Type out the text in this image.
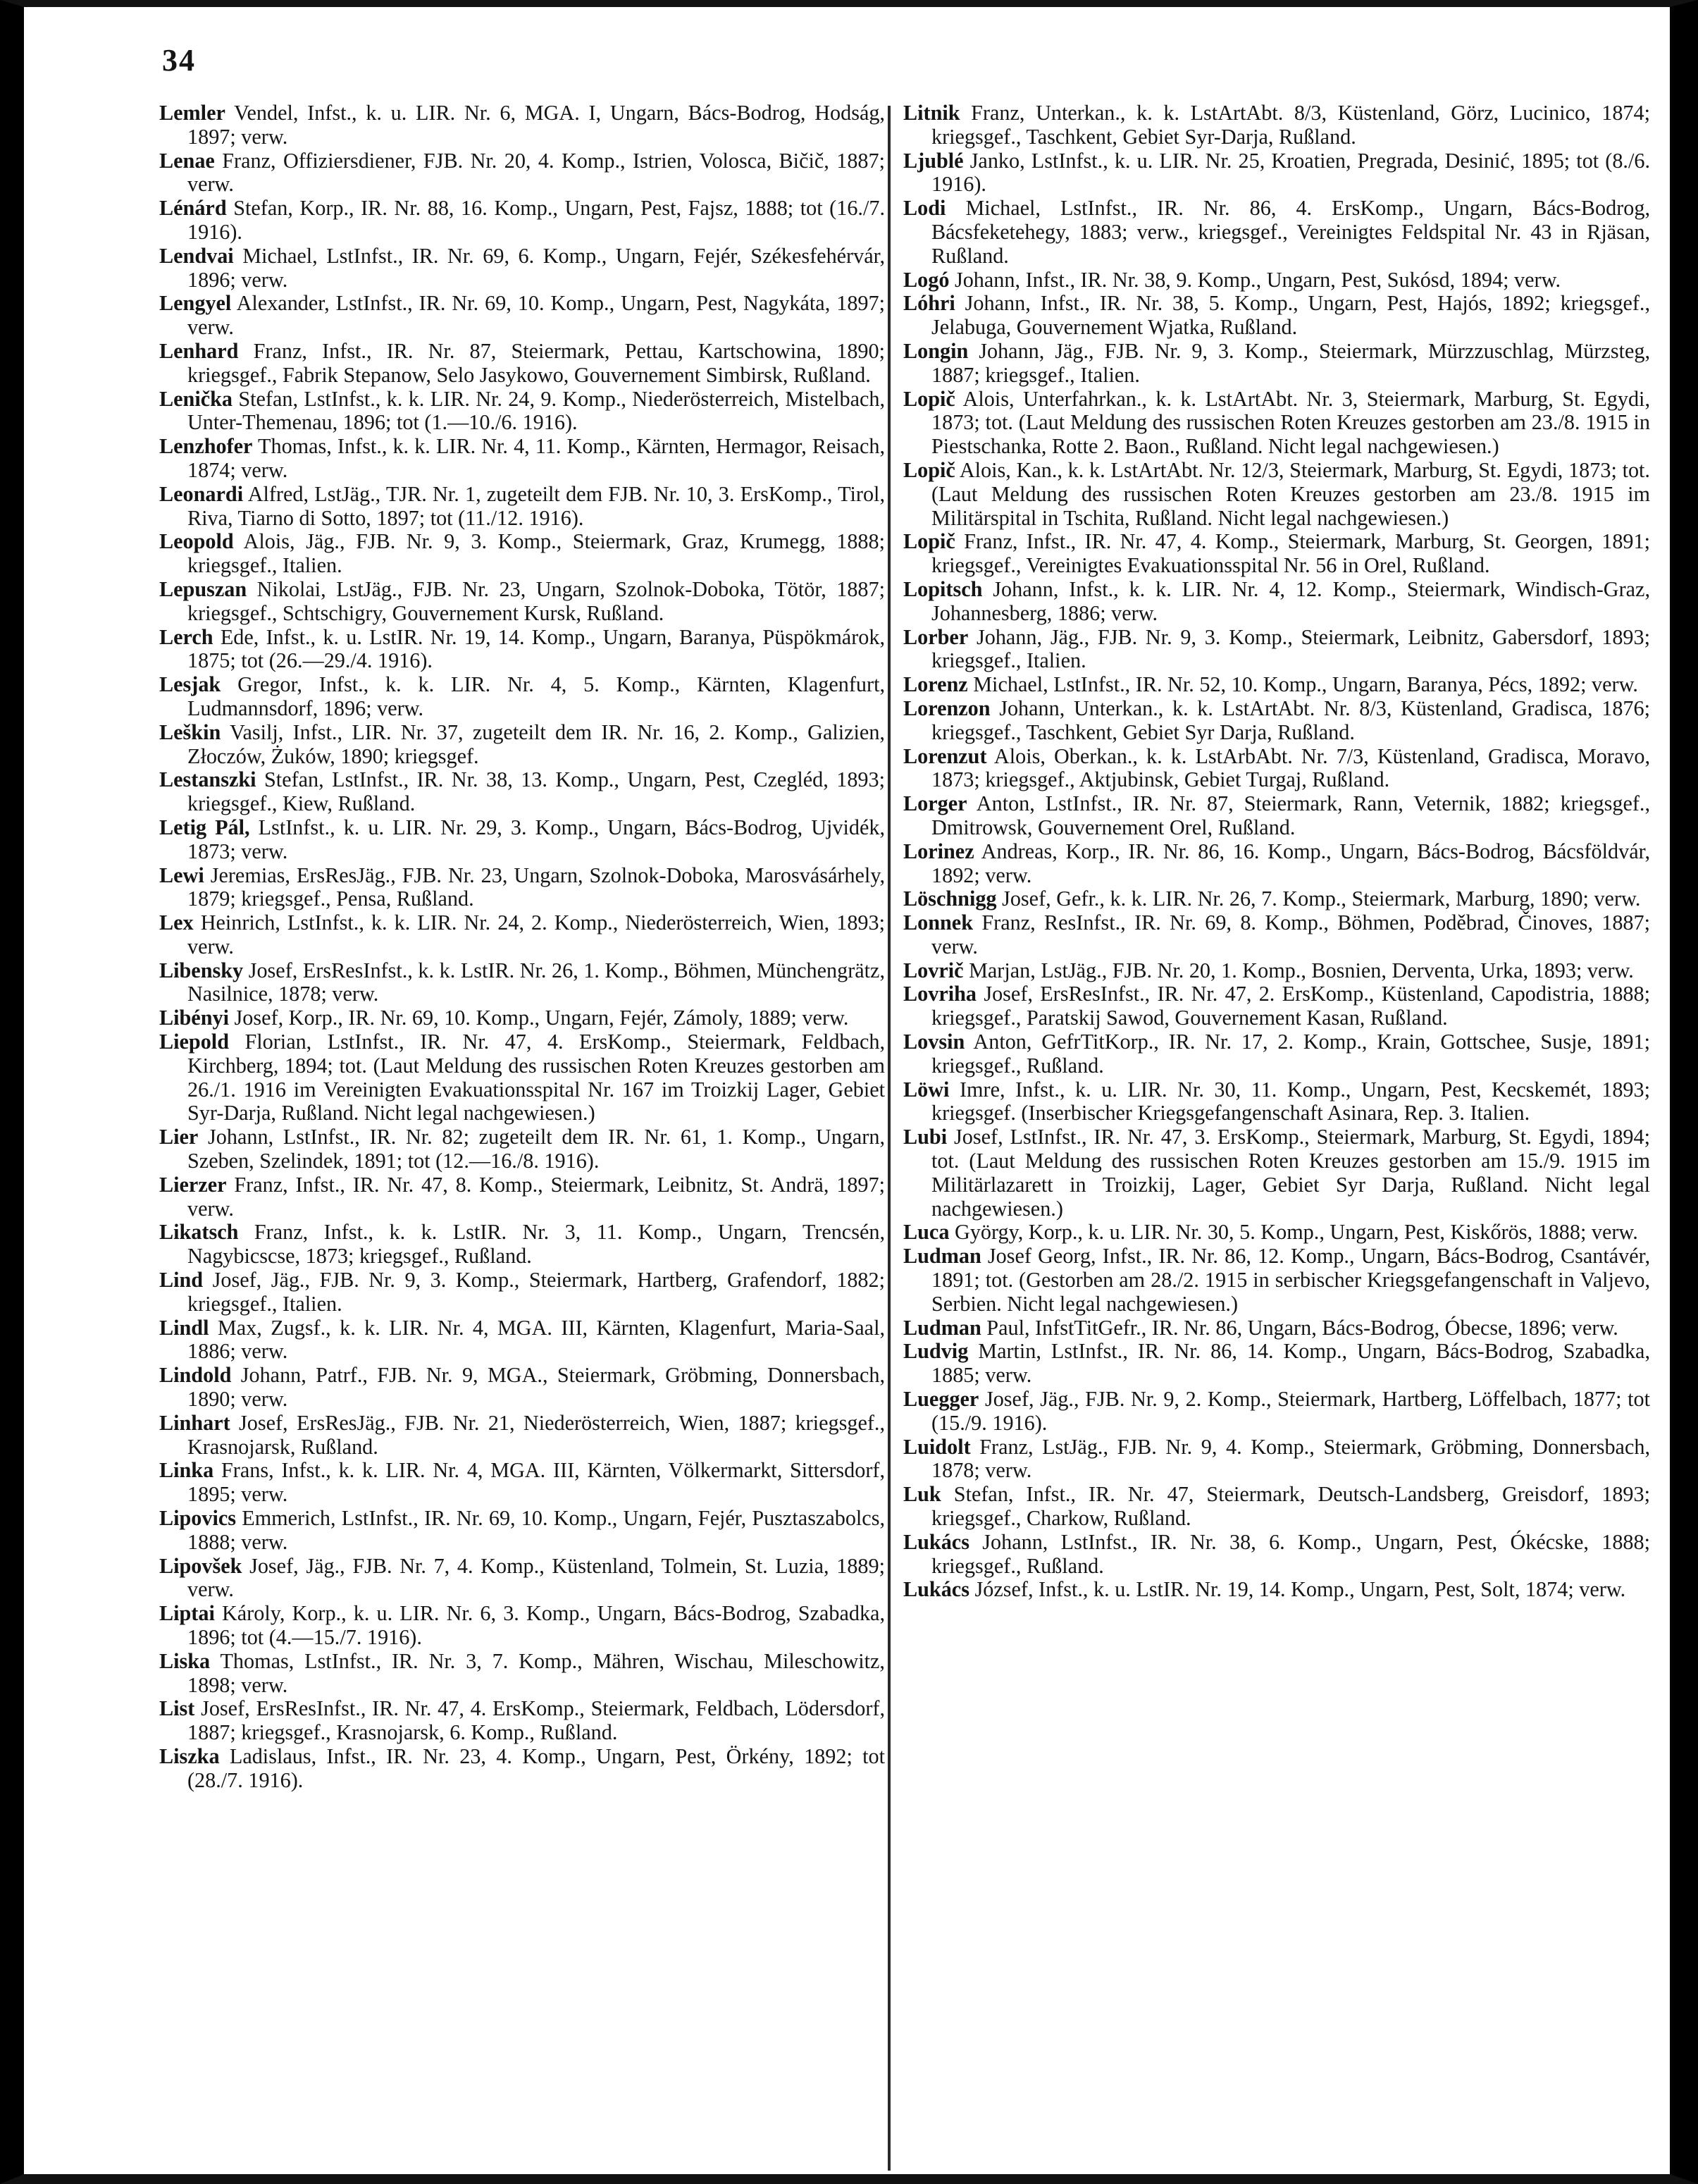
34

Lemler Vendel, Infst., k. u. LIR. Nr. 6, MGA. I, Ungarn, Bács-Bodrog, Hodság, 1897; verw.

Lenae Franz, Offiziersdiener, FJB. Nr. 20, 4. Komp., Istrien, Volosca, Bičič, 1887; verw.

Lénárd Stefan, Korp., IR. Nr. 88, 16. Komp., Ungarn, Pest, Fajsz, 1888; tot (16./7. 1916).

Lendvai Michael, LstInfst., IR. Nr. 69, 6. Komp., Ungarn, Fejér, Székesfehérvár, 1896; verw.

Lengyel Alexander, LstInfst., IR. Nr. 69, 10. Komp., Ungarn, Pest, Nagykáta, 1897; verw.

Lenhard Franz, Infst., IR. Nr. 87, Steiermark, Pettau, Kartschowina, 1890; kriegsgef., Fabrik Stepanow, Selo Jasykowo, Gouvernement Simbirsk, Rußland.

Lenička Stefan, LstInfst., k. k. LIR. Nr. 24, 9. Komp., Niederösterreich, Mistelbach, Unter-Themenau, 1896; tot (1.—10./6. 1916).

Lenzhofer Thomas, Infst., k. k. LIR. Nr. 4, 11. Komp., Kärnten, Hermagor, Reisach, 1874; verw.

Leonardi Alfred, LstJäg., TJR. Nr. 1, zugeteilt dem FJB. Nr. 10, 3. ErsKomp., Tirol, Riva, Tiarno di Sotto, 1897; tot (11./12. 1916).

Leopold Alois, Jäg., FJB. Nr. 9, 3. Komp., Steiermark, Graz, Krumegg, 1888; kriegsgef., Italien.

Lepuszan Nikolai, LstJäg., FJB. Nr. 23, Ungarn, Szolnok-Doboka, Tötör, 1887; kriegsgef., Schtschigry, Gouvernement Kursk, Rußland.

Lerch Ede, Infst., k. u. LstIR. Nr. 19, 14. Komp., Ungarn, Baranya, Püspökmárok, 1875; tot (26.—29./4. 1916).

Lesjak Gregor, Infst., k. k. LIR. Nr. 4, 5. Komp., Kärnten, Klagenfurt, Ludmannsdorf, 1896; verw.

Leškin Vasilj, Infst., LIR. Nr. 37, zugeteilt dem IR. Nr. 16, 2. Komp., Galizien, Złoczów, Żuków, 1890; kriegsgef.

Lestanszki Stefan, LstInfst., IR. Nr. 38, 13. Komp., Ungarn, Pest, Czegléd, 1893; kriegsgef., Kiew, Rußland.

Letig Pál, LstInfst., k. u. LIR. Nr. 29, 3. Komp., Ungarn, Bács-Bodrog, Ujvidék, 1873; verw.

Lewi Jeremias, ErsResJäg., FJB. Nr. 23, Ungarn, Szolnok-Doboka, Marosvásárhely, 1879; kriegsgef., Pensa, Rußland.

Lex Heinrich, LstInfst., k. k. LIR. Nr. 24, 2. Komp., Niederösterreich, Wien, 1893; verw.

Libensky Josef, ErsResInfst., k. k. LstIR. Nr. 26, 1. Komp., Böhmen, Münchengrätz, Nasilnice, 1878; verw.

Libényi Josef, Korp., IR. Nr. 69, 10. Komp., Ungarn, Fejér, Zámoly, 1889; verw.

Liepold Florian, LstInfst., IR. Nr. 47, 4. ErsKomp., Steiermark, Feldbach, Kirchberg, 1894; tot. (Laut Meldung des russischen Roten Kreuzes gestorben am 26./1. 1916 im Vereinigten Evakuationsspital Nr. 167 im Troizkij Lager, Gebiet Syr-Darja, Rußland. Nicht legal nachgewiesen.)

Lier Johann, LstInfst., IR. Nr. 82; zugeteilt dem IR. Nr. 61, 1. Komp., Ungarn, Szeben, Szelindek, 1891; tot (12.—16./8. 1916).

Lierzer Franz, Infst., IR. Nr. 47, 8. Komp., Steiermark, Leibnitz, St. Andrä, 1897; verw.

Likatsch Franz, Infst., k. k. LstIR. Nr. 3, 11. Komp., Ungarn, Trencsén, Nagybicscse, 1873; kriegsgef., Rußland.

Lind Josef, Jäg., FJB. Nr. 9, 3. Komp., Steiermark, Hartberg, Grafendorf, 1882; kriegsgef., Italien.

Lindl Max, Zugsf., k. k. LIR. Nr. 4, MGA. III, Kärnten, Klagenfurt, Maria-Saal, 1886; verw.

Lindold Johann, Patrf., FJB. Nr. 9, MGA., Steiermark, Gröbming, Donnersbach, 1890; verw.

Linhart Josef, ErsResJäg., FJB. Nr. 21, Niederösterreich, Wien, 1887; kriegsgef., Krasnojarsk, Rußland.

Linka Frans, Infst., k. k. LIR. Nr. 4, MGA. III, Kärnten, Völkermarkt, Sittersdorf, 1895; verw.

Lipovics Emmerich, LstInfst., IR. Nr. 69, 10. Komp., Ungarn, Fejér, Pusztaszabolcs, 1888; verw.

Lipovšek Josef, Jäg., FJB. Nr. 7, 4. Komp., Küstenland, Tolmein, St. Luzia, 1889; verw.

Liptai Károly, Korp., k. u. LIR. Nr. 6, 3. Komp., Ungarn, Bács-Bodrog, Szabadka, 1896; tot (4.—15./7. 1916).

Liska Thomas, LstInfst., IR. Nr. 3, 7. Komp., Mähren, Wischau, Mileschowitz, 1898; verw.

List Josef, ErsResInfst., IR. Nr. 47, 4. ErsKomp., Steiermark, Feldbach, Lödersdorf, 1887; kriegsgef., Krasnojarsk, 6. Komp., Rußland.

Liszka Ladislaus, Infst., IR. Nr. 23, 4. Komp., Ungarn, Pest, Örkény, 1892; tot (28./7. 1916).

Litnik Franz, Unterkan., k. k. LstArtAbt. 8/3, Küstenland, Görz, Lucinico, 1874; kriegsgef., Taschkent, Gebiet Syr-Darja, Rußland.

Ljublé Janko, LstInfst., k. u. LIR. Nr. 25, Kroatien, Pregrada, Desinić, 1895; tot (8./6. 1916).

Lodi Michael, LstInfst., IR. Nr. 86, 4. ErsKomp., Ungarn, Bács-Bodrog, Bácsfeketehegy, 1883; verw., kriegsgef., Vereinigtes Feldspital Nr. 43 in Rjäsan, Rußland.

Logó Johann, Infst., IR. Nr. 38, 9. Komp., Ungarn, Pest, Sukósd, 1894; verw.

Lóhri Johann, Infst., IR. Nr. 38, 5. Komp., Ungarn, Pest, Hajós, 1892; kriegsgef., Jelabuga, Gouvernement Wjatka, Rußland.

Longin Johann, Jäg., FJB. Nr. 9, 3. Komp., Steiermark, Mürzzuschlag, Mürzsteg, 1887; kriegsgef., Italien.

Lopič Alois, Unterfahrkan., k. k. LstArtAbt. Nr. 3, Steiermark, Marburg, St. Egydi, 1873; tot. (Laut Meldung des russischen Roten Kreuzes gestorben am 23./8. 1915 in Piestschanka, Rotte 2. Baon., Rußland. Nicht legal nachgewiesen.)

Lopič Alois, Kan., k. k. LstArtAbt. Nr. 12/3, Steiermark, Marburg, St. Egydi, 1873; tot. (Laut Meldung des russischen Roten Kreuzes gestorben am 23./8. 1915 im Militärspital in Tschita, Rußland. Nicht legal nachgewiesen.)

Lopič Franz, Infst., IR. Nr. 47, 4. Komp., Steiermark, Marburg, St. Georgen, 1891; kriegsgef., Vereinigtes Evakuationsspital Nr. 56 in Orel, Rußland.

Lopitsch Johann, Infst., k. k. LIR. Nr. 4, 12. Komp., Steiermark, Windisch-Graz, Johannesberg, 1886; verw.

Lorber Johann, Jäg., FJB. Nr. 9, 3. Komp., Steiermark, Leibnitz, Gabersdorf, 1893; kriegsgef., Italien.

Lorenz Michael, LstInfst., IR. Nr. 52, 10. Komp., Ungarn, Baranya, Pécs, 1892; verw.

Lorenzon Johann, Unterkan., k. k. LstArtAbt. Nr. 8/3, Küstenland, Gradisca, 1876; kriegsgef., Taschkent, Gebiet Syr Darja, Rußland.

Lorenzut Alois, Oberkan., k. k. LstArbAbt. Nr. 7/3, Küstenland, Gradisca, Moravo, 1873; kriegsgef., Aktjubinsk, Gebiet Turgaj, Rußland.

Lorger Anton, LstInfst., IR. Nr. 87, Steiermark, Rann, Veternik, 1882; kriegsgef., Dmitrowsk, Gouvernement Orel, Rußland.

Lorinez Andreas, Korp., IR. Nr. 86, 16. Komp., Ungarn, Bács-Bodrog, Bácsföldvár, 1892; verw.

Löschnigg Josef, Gefr., k. k. LIR. Nr. 26, 7. Komp., Steiermark, Marburg, 1890; verw.

Lonnek Franz, ResInfst., IR. Nr. 69, 8. Komp., Böhmen, Poděbrad, Činoves, 1887; verw.

Lovrič Marjan, LstJäg., FJB. Nr. 20, 1. Komp., Bosnien, Derventa, Urka, 1893; verw.

Lovriha Josef, ErsResInfst., IR. Nr. 47, 2. ErsKomp., Küstenland, Capodistria, 1888; kriegsgef., Paratskij Sawod, Gouvernement Kasan, Rußland.

Lovsin Anton, GefrTitKorp., IR. Nr. 17, 2. Komp., Krain, Gottschee, Susje, 1891; kriegsgef., Rußland.

Löwi Imre, Infst., k. u. LIR. Nr. 30, 11. Komp., Ungarn, Pest, Kecskemét, 1893; kriegsgef. (Inserbischer Kriegsgefangenschaft Asinara, Rep. 3. Italien.

Lubi Josef, LstInfst., IR. Nr. 47, 3. ErsKomp., Steiermark, Marburg, St. Egydi, 1894; tot. (Laut Meldung des russischen Roten Kreuzes gestorben am 15./9. 1915 im Militärlazarett in Troizkij, Lager, Gebiet Syr Darja, Rußland. Nicht legal nachgewiesen.)

Luca György, Korp., k. u. LIR. Nr. 30, 5. Komp., Ungarn, Pest, Kiskőrös, 1888; verw.

Ludman Josef Georg, Infst., IR. Nr. 86, 12. Komp., Ungarn, Bács-Bodrog, Csantávér, 1891; tot. (Gestorben am 28./2. 1915 in serbischer Kriegsgefangenschaft in Valjevo, Serbien. Nicht legal nachgewiesen.)

Ludman Paul, InfstTitGefr., IR. Nr. 86, Ungarn, Bács-Bodrog, Óbecse, 1896; verw.

Ludvig Martin, LstInfst., IR. Nr. 86, 14. Komp., Ungarn, Bács-Bodrog, Szabadka, 1885; verw.

Luegger Josef, Jäg., FJB. Nr. 9, 2. Komp., Steiermark, Hartberg, Löffelbach, 1877; tot (15./9. 1916).

Luidolt Franz, LstJäg., FJB. Nr. 9, 4. Komp., Steiermark, Gröbming, Donnersbach, 1878; verw.

Luk Stefan, Infst., IR. Nr. 47, Steiermark, Deutsch-Landsberg, Greisdorf, 1893; kriegsgef., Charkow, Rußland.

Lukács Johann, LstInfst., IR. Nr. 38, 6. Komp., Ungarn, Pest, Ókécske, 1888; kriegsgef., Rußland.

Lukács József, Infst., k. u. LstIR. Nr. 19, 14. Komp., Ungarn, Pest, Solt, 1874; verw.
